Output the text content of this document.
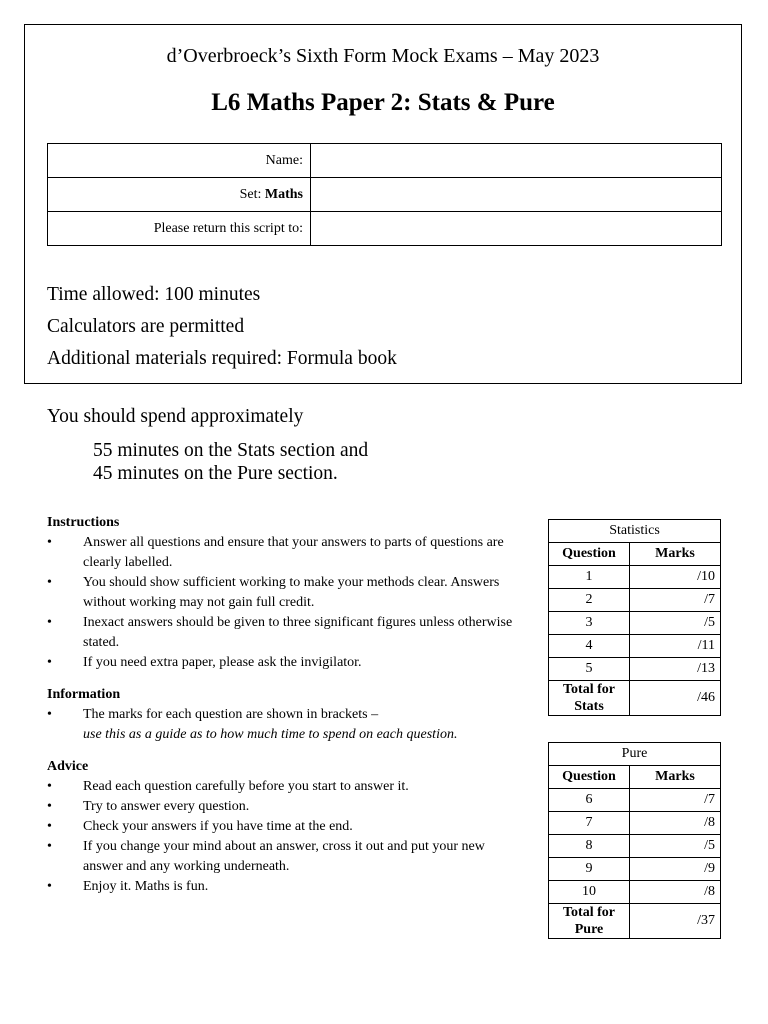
d’Overbroeck’s Sixth Form Mock Exams – May 2023
L6 Maths Paper 2: Stats & Pure
Name:	
Set: Maths	
Please return this script to:	
Time allowed: 100 minutes
Calculators are permitted
Additional materials required: Formula book
You should spend approximately
55 minutes on the Stats section and
45 minutes on the Pure section.

Instructions

• Answer all questions and ensure that your answers to parts of questions are clearly labelled.
• You should show sufficient working to make your methods clear. Answers without working may not gain full credit.
• Inexact answers should be given to three significant figures unless otherwise stated.
• If you need extra paper, please ask the invigilator.

Information

• The marks for each question are shown in brackets –
use this as a guide as to how much time to spend on each question.

Advice

• Read each question carefully before you start to answer it.
• Try to answer every question.
• Check your answers if you have time at the end.
• If you change your mind about an answer, cross it out and put your new answer and any working underneath.
• Enjoy it. Maths is fun.
Statistics	
Question	Marks
1	/10
2	/7
3	/5
4	/11
5	/13
Total for
Stats	/46
Pure	
Question	Marks
6	/7
7	/8
8	/5
9	/9
10	/8
Total for
Pure	/37
